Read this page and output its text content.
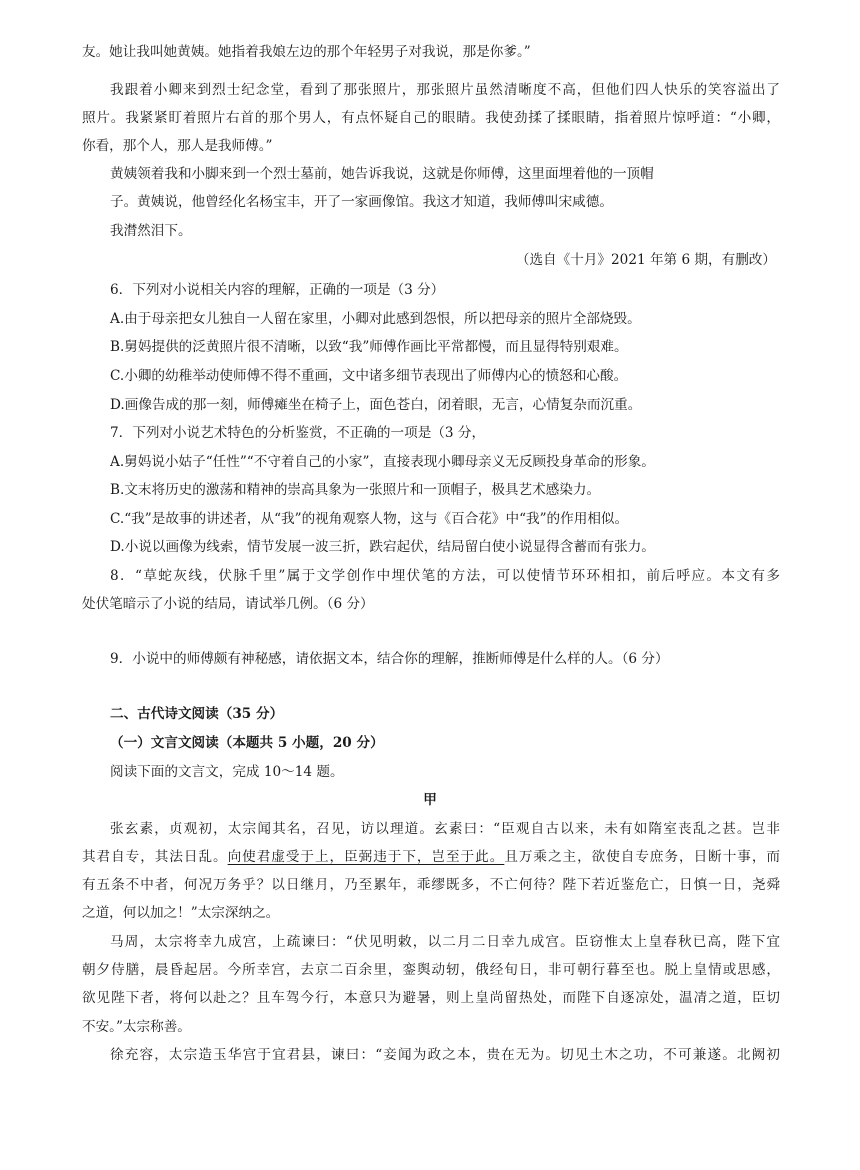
友。她让我叫她黄姨。她指着我娘左边的那个年轻男子对我说，那是你爹。”
我跟着小卿来到烈士纪念堂，看到了那张照片，那张照片虽然清晰度不高，但他们四人快乐的笑容溢出了
照片。我紧紧盯着照片右首的那个男人，有点怀疑自己的眼睛。我使劲揉了揉眼睛，指着照片惊呼道：“小卿，
你看，那个人，那人是我师傅。”
黄姨领着我和小脚来到一个烈士墓前，她告诉我说，这就是你师傅，这里面埋着他的一顶帽
子。黄姨说，他曾经化名杨宝丰，开了一家画像馆。我这才知道，我师傅叫宋咸德。
我潸然泪下。
（选自《十月》2021 年第 6 期，有删改）
6．下列对小说相关内容的理解，正确的一项是（3 分）
A.由于母亲把女儿独自一人留在家里，小卿对此感到怨恨，所以把母亲的照片全部烧毁。
B.舅妈提供的泛黄照片很不清晰，以致“我”师傅作画比平常都慢，而且显得特别艰难。
C.小卿的幼稚举动使师傅不得不重画，文中诸多细节表现出了师傅内心的愤怒和心酸。
D.画像告成的那一刻，师傅瘫坐在椅子上，面色苍白，闭着眼，无言，心情复杂而沉重。
7．下列对小说艺术特色的分析鉴赏，不正确的一项是（3 分，
A.舅妈说小姑子“任性”“不守着自己的小家”，直接表现小卿母亲义无反顾投身革命的形象。
B.文末将历史的激荡和精神的崇高具象为一张照片和一顶帽子，极具艺术感染力。
C.“我”是故事的讲述者，从“我”的视角观察人物，这与《百合花》中“我”的作用相似。
D.小说以画像为线索，情节发展一波三折，跌宕起伏，结局留白使小说显得含蓄而有张力。
8．“草蛇灰线，伏脉千里”属于文学创作中埋伏笔的方法，可以使情节环环相扣，前后呼应。本文有多
处伏笔暗示了小说的结局，请试举几例。（6 分）
9．小说中的师傅颇有神秘感，请依据文本，结合你的理解，推断师傅是什么样的人。（6 分）
二、古代诗文阅读（35 分）
（一）文言文阅读（本题共 5 小题，20 分）
阅读下面的文言文，完成 10～14 题。
甲
张玄素，贞观初，太宗闻其名，召见，访以理道。玄素曰：“臣观自古以来，未有如隋室丧乱之甚。岂非
其君自专，其法日乱。向使君虚受于上，臣弼违于下，岂至于此。且万乘之主，欲使自专庶务，日断十事，而
有五条不中者，何况万务乎？以日继月，乃至累年，乖缪既多，不亡何待？陛下若近鉴危亡，日慎一日，尧舜
之道，何以加之！”太宗深纳之。
马周，太宗将幸九成宫，上疏谏曰：“伏见明敕，以二月二日幸九成宫。臣窃惟太上皇春秋已高，陛下宜
朝夕侍膳，晨昏起居。今所幸宫，去京二百余里，銮舆动轫，俄经旬日，非可朝行暮至也。脱上皇情或思感，
欲见陛下者，将何以赴之？且车驾今行，本意只为避暑，则上皇尚留热处，而陛下自逐凉处，温凊之道，臣切
不安。”太宗称善。
徐充容，太宗造玉华宫于宜君县，谏曰：“妾闻为政之本，贵在无为。切见土木之功，不可兼遂。北阙初
